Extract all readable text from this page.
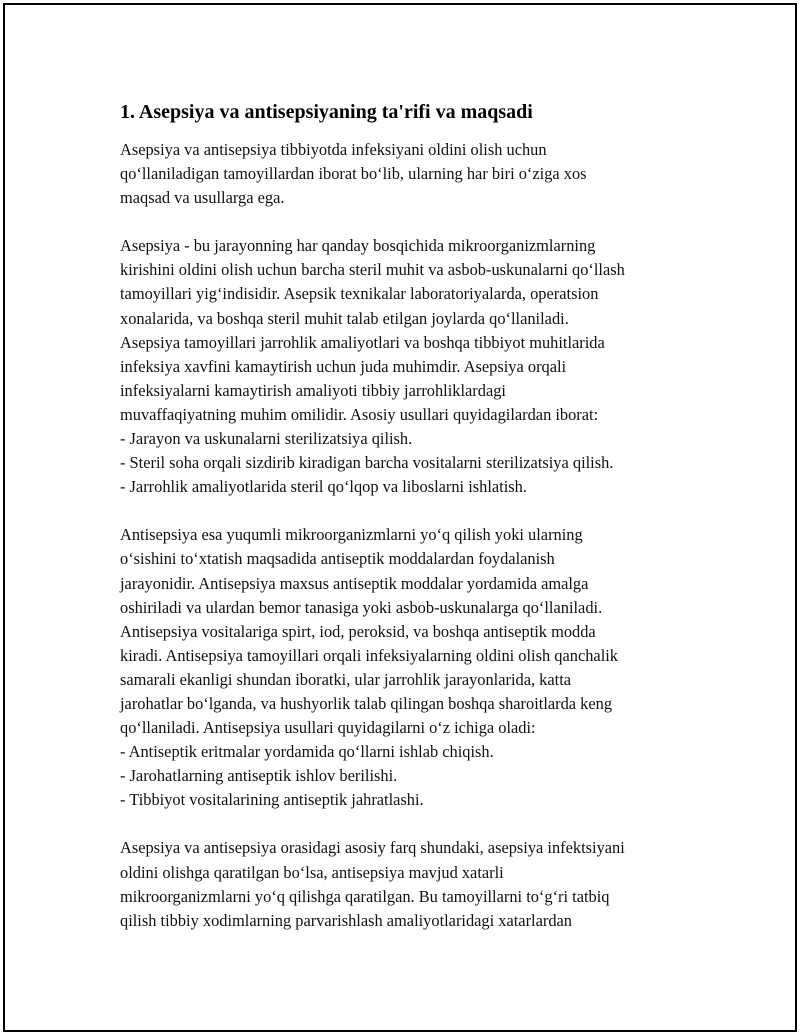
1. Asepsiya va antisepsiyaning ta'rifi va maqsadi

Asepsiya va antisepsiya tibbiyotda infeksiyani oldini olish uchun
qo‘llaniladigan tamoyillardan iborat bo‘lib, ularning har biri o‘ziga xos
maqsad va usullarga ega.

Asepsiya - bu jarayonning har qanday bosqichida mikroorganizmlarning
kirishini oldini olish uchun barcha steril muhit va asbob-uskunalarni qo‘llash
tamoyillari yig‘indisidir. Asepsik texnikalar laboratoriyalarda, operatsion
xonalarida, va boshqa steril muhit talab etilgan joylarda qo‘llaniladi.
Asepsiya tamoyillari jarrohlik amaliyotlari va boshqa tibbiyot muhitlarida
infeksiya xavfini kamaytirish uchun juda muhimdir. Asepsiya orqali
infeksiyalarni kamaytirish amaliyoti tibbiy jarrohliklardagi
muvaffaqiyatning muhim omilidir. Asosiy usullari quyidagilardan iborat:
- Jarayon va uskunalarni sterilizatsiya qilish.
- Steril soha orqali sizdirib kiradigan barcha vositalarni sterilizatsiya qilish.
- Jarrohlik amaliyotlarida steril qo‘lqop va liboslarni ishlatish.

Antisepsiya esa yuqumli mikroorganizmlarni yo‘q qilish yoki ularning
o‘sishini to‘xtatish maqsadida antiseptik moddalardan foydalanish
jarayonidir. Antisepsiya maxsus antiseptik moddalar yordamida amalga
oshiriladi va ulardan bemor tanasiga yoki asbob-uskunalarga qo‘llaniladi.
Antisepsiya vositalariga spirt, iod, peroksid, va boshqa antiseptik modda
kiradi. Antisepsiya tamoyillari orqali infeksiyalarning oldini olish qanchalik
samarali ekanligi shundan iboratki, ular jarrohlik jarayonlarida, katta
jarohatlar bo‘lganda, va hushyorlik talab qilingan boshqa sharoitlarda keng
qo‘llaniladi. Antisepsiya usullari quyidagilarni o‘z ichiga oladi:
- Antiseptik eritmalar yordamida qo‘llarni ishlab chiqish.
- Jarohatlarning antiseptik ishlov berilishi.
- Tibbiyot vositalarining antiseptik jahratlashi.

Asepsiya va antisepsiya orasidagi asosiy farq shundaki, asepsiya infektsiyani
oldini olishga qaratilgan bo‘lsa, antisepsiya mavjud xatarli
mikroorganizmlarni yo‘q qilishga qaratilgan. Bu tamoyillarni to‘g‘ri tatbiq
qilish tibbiy xodimlarning parvarishlash amaliyotlaridagi xatarlardan
